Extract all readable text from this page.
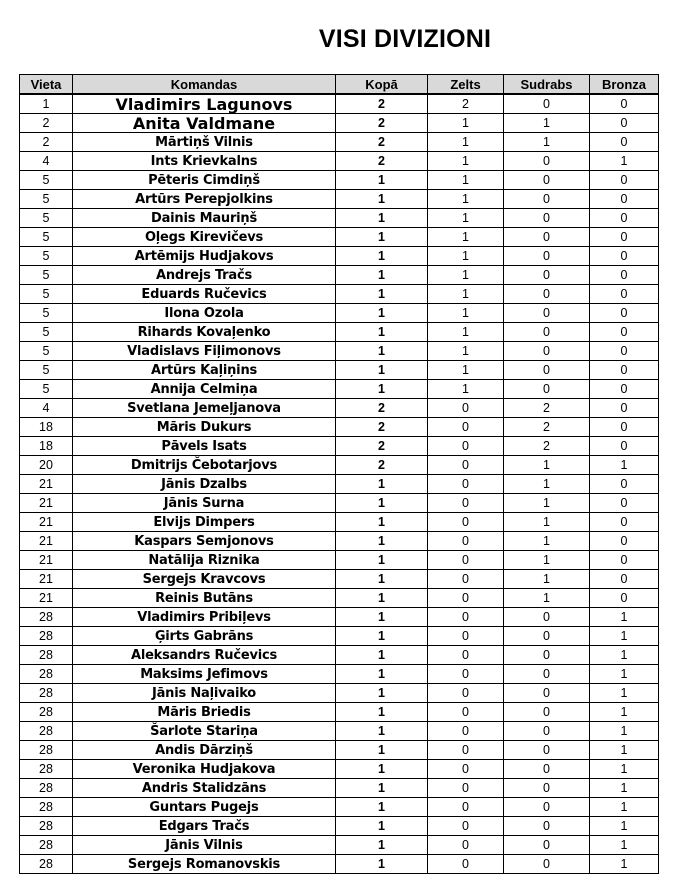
VISI DIVIZIONI
Vieta	Komandas	Kopā	Zelts	Sudrabs	Bronza
1	Vladimirs Lagunovs	2	2	0	0
2	Anita Valdmane	2	1	1	0
2	Mārtiņš Vilnis	2	1	1	0
4	Ints Krievkalns	2	1	0	1
5	Pēteris Cimdiņš	1	1	0	0
5	Artūrs Perepjolkins	1	1	0	0
5	Dainis Mauriņš	1	1	0	0
5	Oļegs Kirevičevs	1	1	0	0
5	Artēmijs Hudjakovs	1	1	0	0
5	Andrejs Tračs	1	1	0	0
5	Eduards Ručevics	1	1	0	0
5	Ilona Ozola	1	1	0	0
5	Rihards Kovaļenko	1	1	0	0
5	Vladislavs Fiļimonovs	1	1	0	0
5	Artūrs Kaļiņins	1	1	0	0
5	Annija Celmiņa	1	1	0	0
4	Svetlana Jemeļjanova	2	0	2	0
18	Māris Dukurs	2	0	2	0
18	Pāvels Isats	2	0	2	0
20	Dmitrijs Čebotarjovs	2	0	1	1
21	Jānis Dzalbs	1	0	1	0
21	Jānis Surna	1	0	1	0
21	Elvijs Dimpers	1	0	1	0
21	Kaspars Semjonovs	1	0	1	0
21	Natālija Riznika	1	0	1	0
21	Sergejs Kravcovs	1	0	1	0
21	Reinis Butāns	1	0	1	0
28	Vladimirs Pribiļevs	1	0	0	1
28	Ģirts Gabrāns	1	0	0	1
28	Aleksandrs Ručevics	1	0	0	1
28	Maksims Jefimovs	1	0	0	1
28	Jānis Naļivaiko	1	0	0	1
28	Māris Briedis	1	0	0	1
28	Šarlote Stariņa	1	0	0	1
28	Andis Dārziņš	1	0	0	1
28	Veronika Hudjakova	1	0	0	1
28	Andris Stalidzāns	1	0	0	1
28	Guntars Pugejs	1	0	0	1
28	Edgars Tračs	1	0	0	1
28	Jānis Vilnis	1	0	0	1
28	Sergejs Romanovskis	1	0	0	1
